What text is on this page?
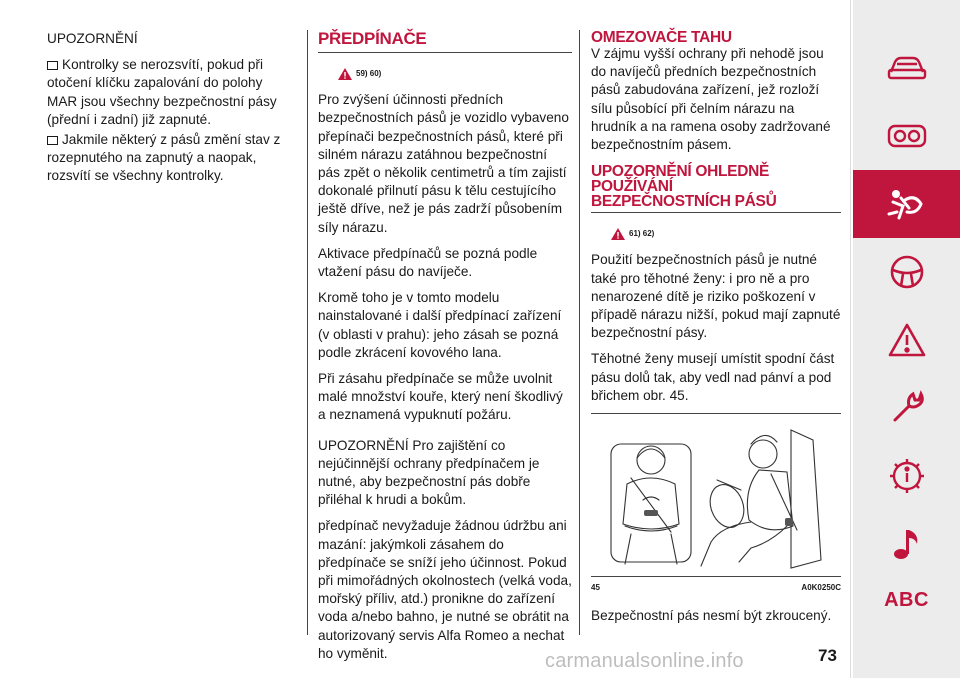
UPOZORNĚNÍ

Kontrolky se nerozsvítí, pokud při otočení klíčku zapalování do polohy MAR jsou všechny bezpečnostní pásy (přední i zadní) již zapnuté.

Jakmile některý z pásů změní stav z rozepnutého na zapnutý a naopak, rozsvítí se všechny kontrolky.

PŘEDPÍNAČE
59) 60)

Pro zvýšení účinnosti předních bezpečnostních pásů je vozidlo vybaveno přepínači bezpečnostních pásů, které při silném nárazu zatáhnou bezpečnostní pás zpět o několik centimetrů a tím zajistí dokonalé přilnutí pásu k tělu cestujícího ještě dříve, než je pás zadrží působením síly nárazu.

Aktivace předpínačů se pozná podle vtažení pásu do navíječe.

Kromě toho je v tomto modelu nainstalované i další předpínací zařízení (v oblasti v prahu): jeho zásah se pozná podle zkrácení kovového lana.

Při zásahu předpínače se může uvolnit malé množství kouře, který není škodlivý a neznamená vypuknutí požáru.

UPOZORNĚNÍ Pro zajištění co nejúčinnější ochrany předpínačem je nutné, aby bezpečnostní pás dobře přiléhal k hrudi a bokům.

předpínač nevyžaduje žádnou údržbu ani mazání: jakýmkoli zásahem do předpínače se sníží jeho účinnost. Pokud při mimořádných okolnostech (velká voda, mořský příliv, atd.) pronikne do zařízení voda a/nebo bahno, je nutné se obrátit na autorizovaný servis Alfa Romeo a nechat ho vyměnit.

OMEZOVAČE TAHU

V zájmu vyšší ochrany při nehodě jsou do navíječů předních bezpečnostních pásů zabudována zařízení, jež rozloží sílu působící při čelním nárazu na hrudník a na ramena osoby zadržované bezpečnostním pásem.

UPOZORNĚNÍ OHLEDNĚ POUŽÍVÁNÍ
BEZPEČNOSTNÍCH PÁSŮ
61) 62)

Použití bezpečnostních pásů je nutné také pro těhotné ženy: i pro ně a pro nenarozené dítě je riziko poškození v případě nárazu nižší, pokud mají zapnuté bezpečnostní pásy.

Těhotné ženy musejí umístit spodní část pásu dolů tak, aby vedl nad pánví a pod břichem obr. 45.

45	A0K0250C

Bezpečnostní pás nesmí být zkroucený.

ABC
73
carmanualsonline.info
